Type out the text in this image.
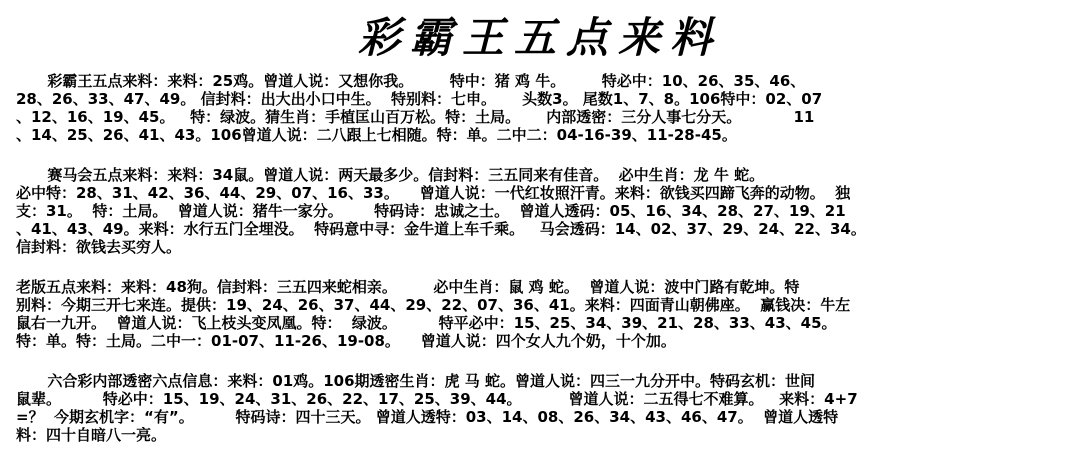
彩霸王五点来料
彩霸王五点来料：来料：25鸡。曾道人说：又想你我。       特中：猪 鸡 牛。       特必中：10、26、35、46、
28、26、33、47、49。 信封料：出大出小口中生。  特别料：七申。     头数3。 尾数1、7、8。106特中：02、07
、12、16、19、45。   特：绿波。猜生肖：手植匡山百万松。特：土局。     内部透密：三分人事七分天。          11
、14、25、26、41、43。106曾道人说：二八跟上七相随。特：单。二中二：04-16-39、11-28-45。
赛马会五点来料：来料：34鼠。曾道人说：两天最多少。信封料：三五同来有佳音。  必中生肖：龙 牛 蛇。
必中特：28、31、42、36、44、29、07、16、33。    曾道人说：一代红妆照汗青。来料：欲钱买四蹄飞奔的动物。  独
支：31。  特：土局。  曾道人说：猪牛一家分。      特码诗：忠诚之士。  曾道人透码：05、16、34、28、27、19、21
、41、43、49。来料：水行五门全埋没。  特码意中寻：金牛道上车千乘。   马会透码：14、02、37、29、24、22、34。
信封料：欲钱去买穷人。
老版五点来料：来料：48狗。信封料：三五四来蛇相亲。       必中生肖：鼠 鸡 蛇。  曾道人说：波中门路有乾坤。特
别料：今期三开七来连。提供：19、24、26、37、44、29、22、07、36、41。来料：四面青山朝佛座。  赢钱决：牛左
鼠右一九开。  曾道人说：飞上枝头变凤凰。特：  绿波。        特平必中：15、25、34、39、21、28、33、43、45。
特：单。特：土局。二中一：01-07、11-26、19-08。    曾道人说：四个女人九个奶，十个加。
六合彩内部透密六点信息：来料：01鸡。106期透密生肖：虎 马 蛇。曾道人说：四三一九分开中。特码玄机：世间
鼠辈。        特必中：15、19、24、31、26、22、17、25、39、44。         曾道人说：二五得七不难算。   来料：4+7
=？  今期玄机字：“有”。        特码诗：四十三天。 曾道人透特：03、14、08、26、34、43、46、47。  曾道人透特
料：四十自暗八一亮。
